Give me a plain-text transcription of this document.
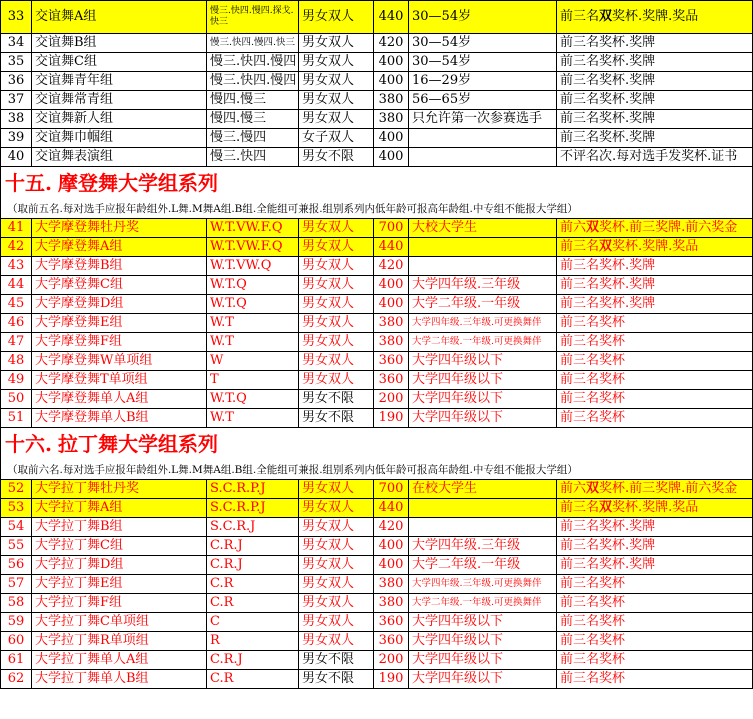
33	交谊舞A组	慢三.快四.慢四.探戈.快三	男女双人	440	30—54岁	前三名双奖杯.奖牌.奖品
34	交谊舞B组	慢三.快四.慢四.快三	男女双人	420	30—54岁	前三名奖杯.奖牌
35	交谊舞C组	慢三.快四.慢四	男女双人	400	30—54岁	前三名奖杯.奖牌
36	交谊舞青年组	慢三.快四.慢四	男女双人	400	16—29岁	前三名奖杯.奖牌
37	交谊舞常青组	慢四.慢三	男女双人	380	56—65岁	前三名奖杯.奖牌
38	交谊舞新人组	慢四.慢三	男女双人	380	只允许第一次参赛选手	前三名奖杯.奖牌
39	交谊舞巾帼组	慢三.慢四	女子双人	400		前三名奖杯.奖牌
40	交谊舞表演组	慢三.快四	男女不限	400		不评名次.每对选手发奖杯.证书
十五. 摩登舞大学组系列						
（取前五名.每对选手应报年龄组外.L舞.M舞A组.B组.全能组可兼报.组别系列内低年龄可报高年龄组.中专组不能报大学组）						
41	大学摩登舞牡丹奖	W.T.VW.F.Q	男女双人	700	大校大学生	前六双奖杯.前三奖牌.前六奖金
42	大学摩登舞A组	W.T.VW.F.Q	男女双人	440		前三名双奖杯.奖牌.奖品
43	大学摩登舞B组	W.T.VW.Q	男女双人	420		前三名奖杯.奖牌
44	大学摩登舞C组	W.T.Q	男女双人	400	大学四年级.三年级	前三名奖杯.奖牌
45	大学摩登舞D组	W.T.Q	男女双人	400	大学二年级.一年级	前三名奖杯.奖牌
46	大学摩登舞E组	W.T	男女双人	380	大学四年级.三年级.可更换舞伴	前三名奖杯
47	大学摩登舞F组	W.T	男女双人	380	大学二年级.一年级.可更换舞伴	前三名奖杯
48	大学摩登舞W单项组	W	男女双人	360	大学四年级以下	前三名奖杯
49	大学摩登舞T单项组	T	男女双人	360	大学四年级以下	前三名奖杯
50	大学摩登舞单人A组	W.T.Q	男女不限	200	大学四年级以下	前三名奖杯
51	大学摩登舞单人B组	W.T	男女不限	190	大学四年级以下	前三名奖杯
十六. 拉丁舞大学组系列						
（取前六名.每对选手应报年龄组外.L舞.M舞A组.B组.全能组可兼报.组别系列内低年龄可报高年龄组.中专组不能报大学组）						
52	大学拉丁舞牡丹奖	S.C.R.P.J	男女双人	700	在校大学生	前六双奖杯.前三奖牌.前六奖金
53	大学拉丁舞A组	S.C.R.P.J	男女双人	440		前三名双奖杯.奖牌.奖品
54	大学拉丁舞B组	S.C.R.J	男女双人	420		前三名奖杯.奖牌
55	大学拉丁舞C组	C.R.J	男女双人	400	大学四年级.三年级	前三名奖杯.奖牌
56	大学拉丁舞D组	C.R.J	男女双人	400	大学二年级.一年级	前三名奖杯.奖牌
57	大学拉丁舞E组	C.R	男女双人	380	大学四年级.三年级.可更换舞伴	前三名奖杯
58	大学拉丁舞F组	C.R	男女双人	380	大学二年级.一年级.可更换舞伴	前三名奖杯
59	大学拉丁舞C单项组	C	男女双人	360	大学四年级以下	前三名奖杯
60	大学拉丁舞R单项组	R	男女双人	360	大学四年级以下	前三名奖杯
61	大学拉丁舞单人A组	C.R.J	男女不限	200	大学四年级以下	前三名奖杯
62	大学拉丁舞单人B组	C.R	男女不限	190	大学四年级以下	前三名奖杯
